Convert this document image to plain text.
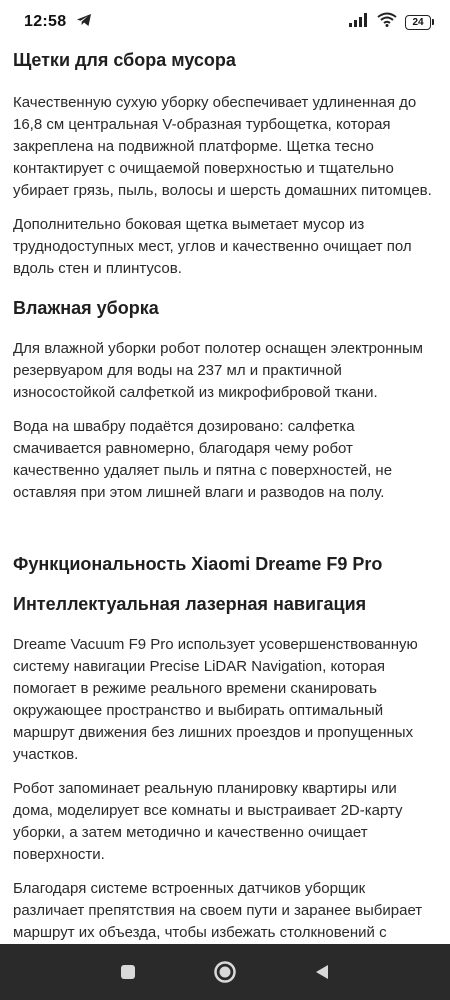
12:58	24
Щетки для сбора мусора

Качественную сухую уборку обеспечивает удлиненная до 16,8 см центральная V-образная турбощетка, которая закреплена на подвижной платформе. Щетка тесно контактирует с очищаемой поверхностью и тщательно убирает грязь, пыль, волосы и шерсть домашних питомцев.

Дополнительно боковая щетка выметает мусор из труднодоступных мест, углов и качественно очищает пол вдоль стен и плинтусов.

Влажная уборка

Для влажной уборки робот полотер оснащен электронным резервуаром для воды на 237 мл и практичной износостойкой салфеткой из микрофибровой ткани.

Вода на швабру подаётся дозировано: салфетка смачивается равномерно, благодаря чему робот качественно удаляет пыль и пятна с поверхностей, не оставляя при этом лишней влаги и разводов на полу.

Функциональность Xiaomi Dreame F9 Pro
Интеллектуальная лазерная навигация

Dreame Vacuum F9 Pro использует усовершенствованную систему навигации Precise LiDAR Navigation, которая помогает в режиме реального времени сканировать окружающее пространство и выбирать оптимальный маршрут движения без лишних проездов и пропущенных участков.

Робот запоминает реальную планировку квартиры или дома, моделирует все комнаты и выстраивает 2D-карту уборки, а затем методично и качественно очищает поверхности.

Благодаря системе встроенных датчиков уборщик различает препятствия на своем пути и заранее выбирает маршрут их объезда, чтобы избежать столкновений с
